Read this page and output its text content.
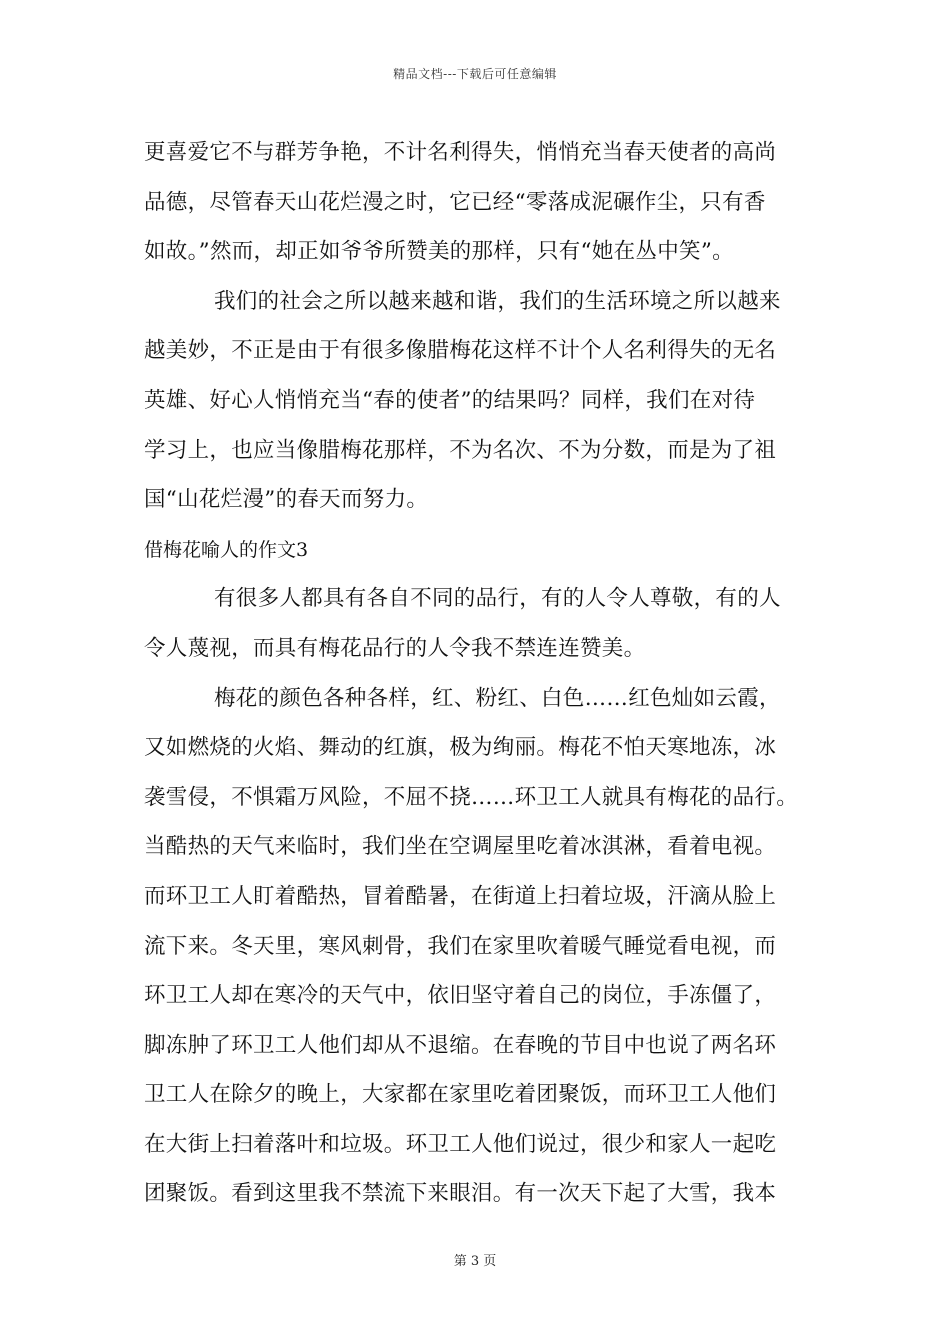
精品文档---下载后可任意编辑
更喜爱它不与群芳争艳，不计名利得失，悄悄充当春天使者的高尚
品德，尽管春天山花烂漫之时，它已经“零落成泥碾作尘，只有香
如故。”然而，却正如爷爷所赞美的那样，只有“她在丛中笑”。
我们的社会之所以越来越和谐，我们的生活环境之所以越来
越美妙，不正是由于有很多像腊梅花这样不计个人名利得失的无名
英雄、好心人悄悄充当“春的使者”的结果吗？同样，我们在对待
学习上，也应当像腊梅花那样，不为名次、不为分数，而是为了祖
国“山花烂漫”的春天而努力。
借梅花喻人的作文3
有很多人都具有各自不同的品行，有的人令人尊敬，有的人
令人蔑视，而具有梅花品行的人令我不禁连连赞美。
梅花的颜色各种各样，红、粉红、白色……红色灿如云霞，
又如燃烧的火焰、舞动的红旗，极为绚丽。梅花不怕天寒地冻，冰
袭雪侵，不惧霜万风险，不屈不挠……环卫工人就具有梅花的品行。
当酷热的天气来临时，我们坐在空调屋里吃着冰淇淋，看着电视。
而环卫工人盯着酷热，冒着酷暑，在街道上扫着垃圾，汗滴从脸上
流下来。冬天里，寒风刺骨，我们在家里吹着暖气睡觉看电视，而
环卫工人却在寒冷的天气中，依旧坚守着自己的岗位，手冻僵了，
脚冻肿了环卫工人他们却从不退缩。在春晚的节目中也说了两名环
卫工人在除夕的晚上，大家都在家里吃着团聚饭，而环卫工人他们
在大街上扫着落叶和垃圾。环卫工人他们说过，很少和家人一起吃
团聚饭。看到这里我不禁流下来眼泪。有一次天下起了大雪，我本
第 3 页
